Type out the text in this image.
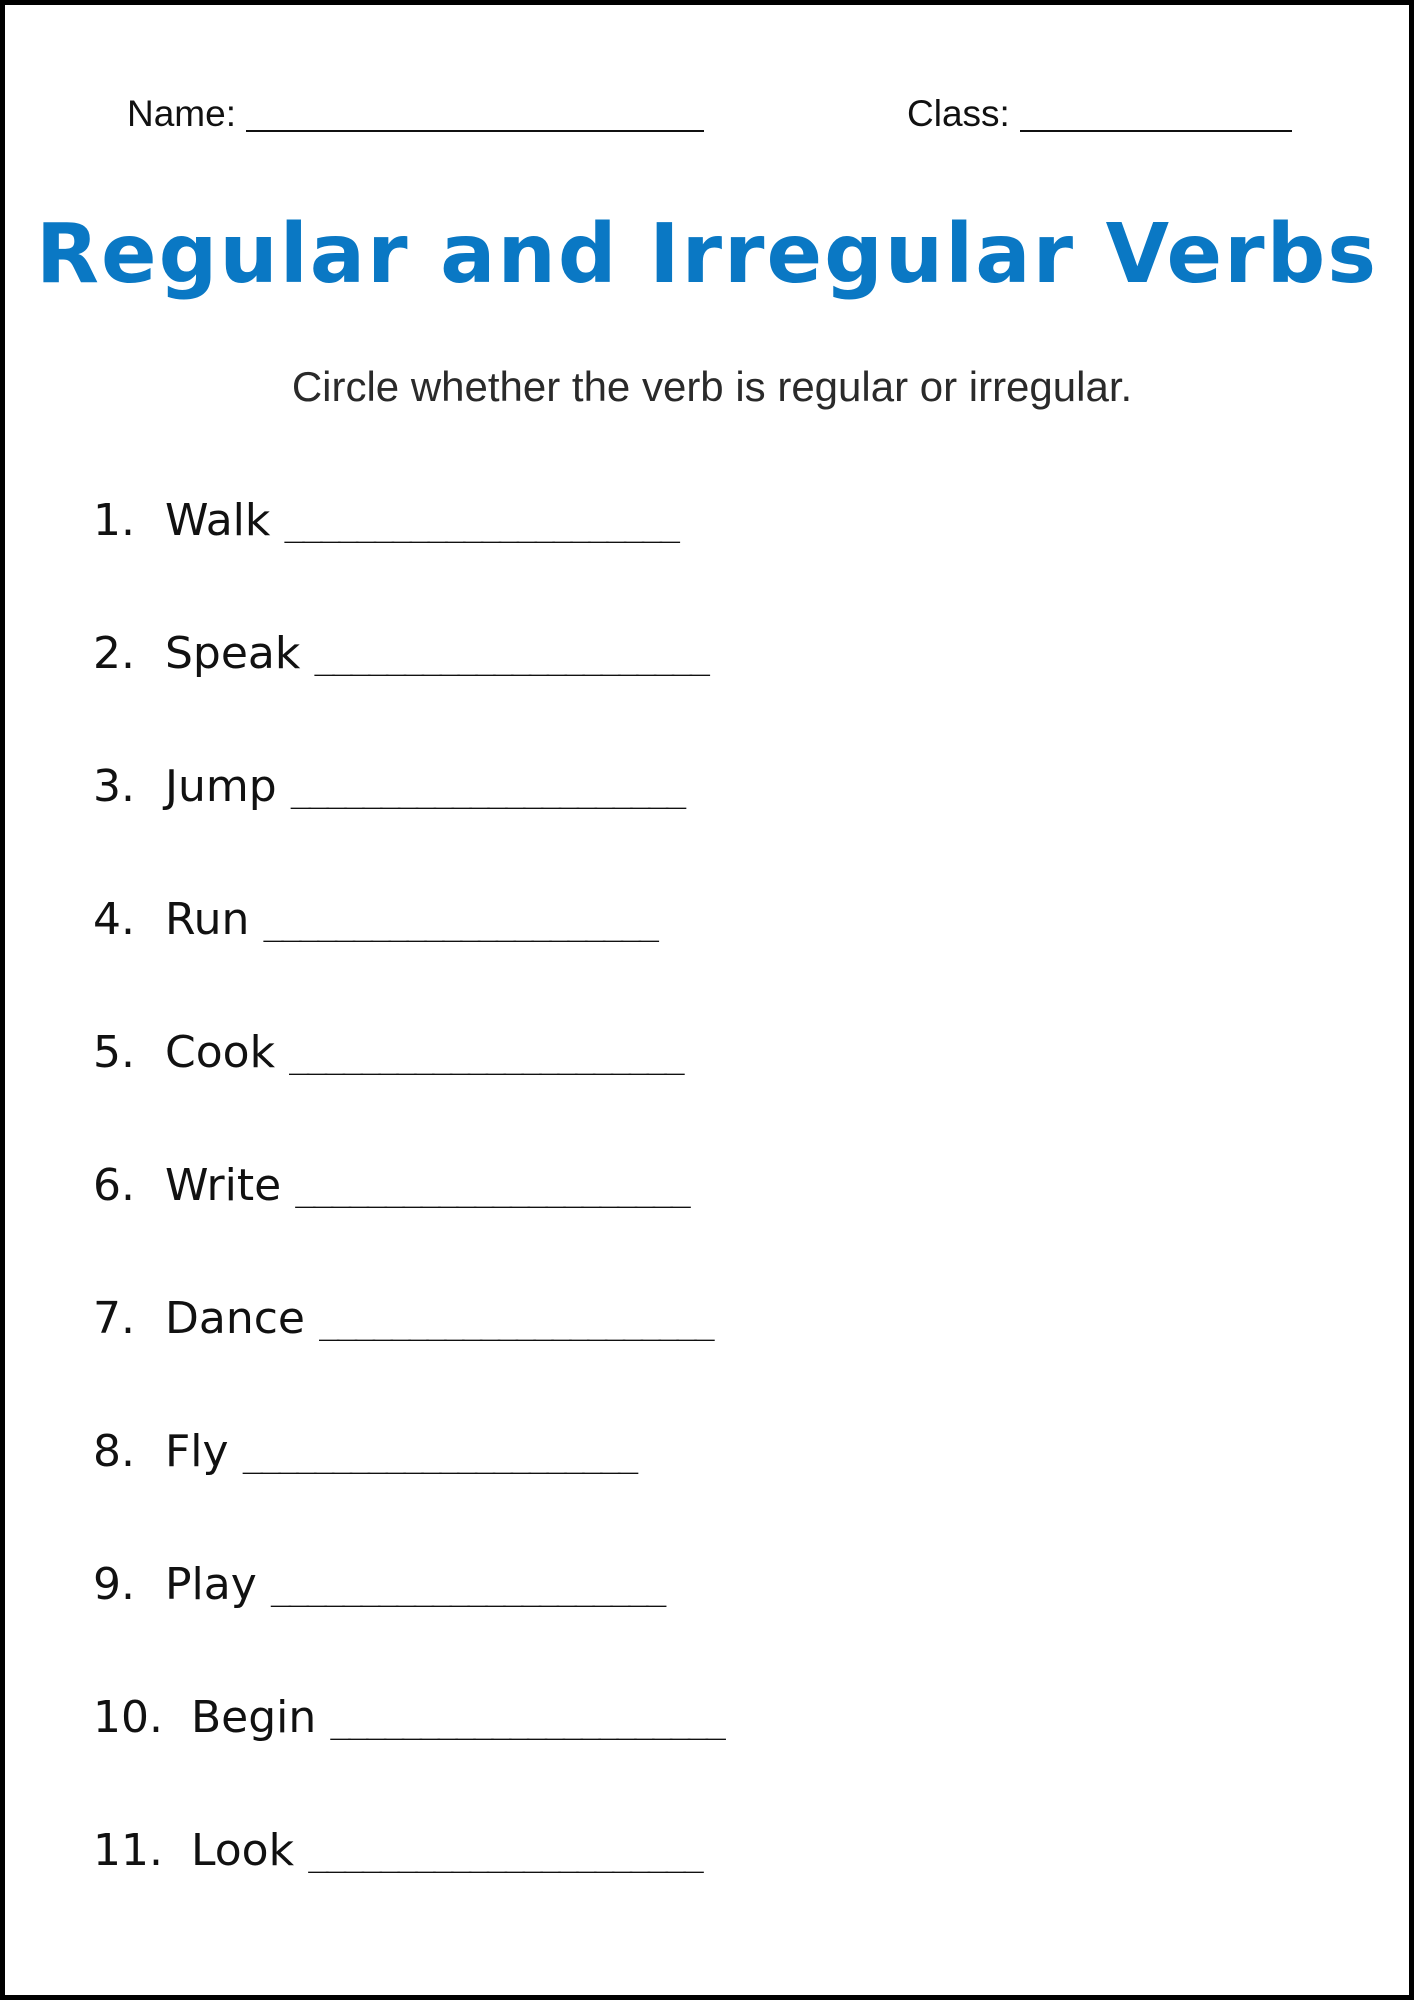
Name:	Class:
Regular and Irregular Verbs

Circle whether the verb is regular or irregular.

1. Walk ______________________
2. Speak ______________________
3. Jump ______________________
4. Run ______________________
5. Cook ______________________
6. Write ______________________
7. Dance ______________________
8. Fly ______________________
9. Play ______________________
10. Begin ______________________
11. Look ______________________
